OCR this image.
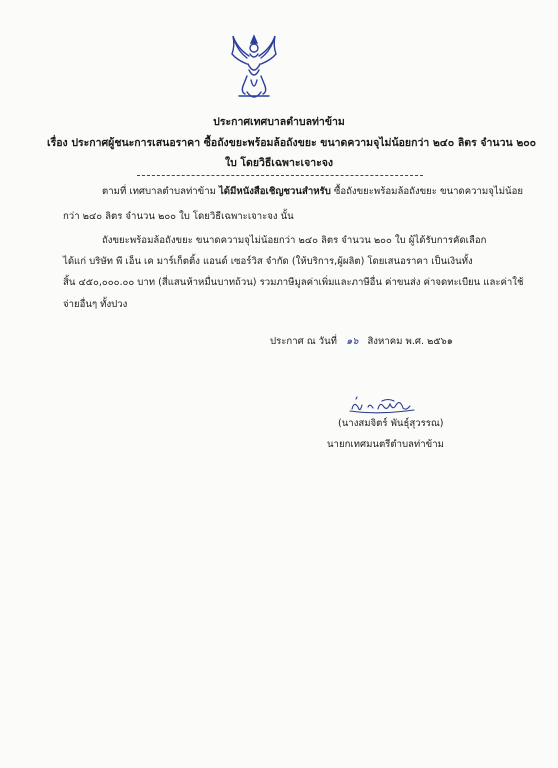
ประกาศเทศบาลตำบลท่าข้าม
เรื่อง ประกาศผู้ชนะการเสนอราคา ซื้อถังขยะพร้อมล้อถังขยะ ขนาดความจุไม่น้อยกว่า ๒๔๐ ลิตร จำนวน ๒๐๐
ใบ โดยวิธีเฉพาะเจาะจง
ตามที่ เทศบาลตำบลท่าข้าม ได้มีหนังสือเชิญชวนสำหรับ ซื้อถังขยะพร้อมล้อถังขยะ ขนาดความจุไม่น้อย
กว่า ๒๔๐ ลิตร จำนวน ๒๐๐ ใบ โดยวิธีเฉพาะเจาะจง นั้น
ถังขยะพร้อมล้อถังขยะ ขนาดความจุไม่น้อยกว่า ๒๔๐ ลิตร จำนวน ๒๐๐ ใบ ผู้ได้รับการคัดเลือก
ได้แก่ บริษัท พี เอ็น เค มาร์เก็ตติ้ง แอนด์ เซอร์วิส จำกัด (ให้บริการ,ผู้ผลิต) โดยเสนอราคา เป็นเงินทั้ง
สิ้น ๔๕๐,๐๐๐.๐๐ บาท (สี่แสนห้าหมื่นบาทถ้วน) รวมภาษีมูลค่าเพิ่มและภาษีอื่น ค่าขนส่ง ค่าจดทะเบียน และค่าใช้
จ่ายอื่นๆ ทั้งปวง
ประกาศ ณ วันที่ ๑๖ สิงหาคม พ.ศ. ๒๕๖๑
(นางสมจิตร์ พันธุ์สุวรรณ)
นายกเทศมนตรีตำบลท่าข้าม
